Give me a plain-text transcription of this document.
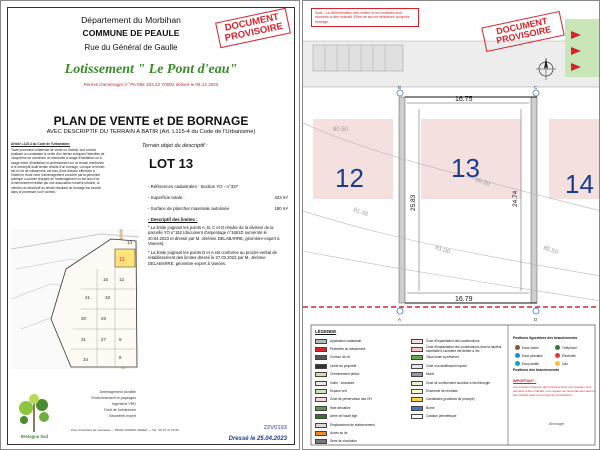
Département du Morbihan
COMMUNE DE PEAULE
Rue du Général de Gaulle
DOCUMENT PROVISOIRE
Lotissement " Le Pont d'eau"
Permis d'aménager n° PA 056 153 22 Y0002 délivré le 06.12.2022
PLAN DE VENTE et DE BORNAGE
AVEC DESCRIPTIF DU TERRAIN A BATIR (Art. L115-4 du Code de l'Urbanisme)

Article L115-4 du Code de l'Urbanisme:

Toute promesse unilatérale de vente ou d'achat, tout contrat réalisant ou constatant la vente d'un terrain indiquant l'intention de l'acquéreur de construire un immeuble à usage d'habitation ou à usage mixte d'habitation et professionnel sur ce terrain mentionne si le descriptif dudit terrain résulte d'un bornage. Lorsque le terrain est un lot de lotissement, est issu d'une division effectuée à l'intérieur d'une zone d'aménagement concerté par la personne publique ou privée chargée de l'aménagement ou est issu d'un remembrement réalisé par une association foncière urbaine, la mention du descriptif du terrain résultant du bornage est inscrite dans la promesse ou le contrat.

Terrain objet du descriptif :
LOT 13
- Références cadastrales : Section YO - n°337
- Superficie totale :	423 m²
- Surface de plancher maximale autorisée	180 m²
- Descriptif des limites :
* La limite joignant les points A, B, C et D résulte de la division de la parcelle YO n°152 (document d'arpentage n°1661D numéroté le 20.04.2023 et dressé par M. Jérémie DELABARRE, géomètre-expert à Vannes).
* La limite joignant les points D et A est conforme au procès-verbal de rétablissement des limites dressé le 27.03.2023 par M. Jérémie DELABARRE, géomètre-expert à Vannes.
14
13
15
18
21
26
30
27
31	9
8
34
12
Bretagne Sud
Aménagement durable
Environnement et paysages
Ingénierie VRD
Droit de l'urbanisme
Géomètre-expert
Zone d'Activités de Laroiseau — 56000 VANNES CEDEX — Tél : 02 97 47 22 80	22V0193
Dressé le 25.04.2023
B	C
A	D
16.75
16.79
25.83	24.74
80.50
81.00
80.50
81.00	80.50
12	13
14
Note : La détermination des limites et les surfaces sont données à titre indicatif. Elles ne seront définitives qu'après bornage.	DOCUMENT PROVISOIRE
LÉGENDE
Application cadastrale
Périmètre du lotissement
Contour de lot
Limite de propriété
Cheminement piéton
Voirie - chaussée
Espace vert
Zone de préservation des OH
Haie arbustive
Arbre de haute tige
Emplacement de stationnement
Accès au lot
Sens de circulation
Zone d'implantation des constructions
Zone d'implantation des constructions dont la hauteur maximale à l'acrotère est limitée à 3m
Talus boisé à préserver
Zone non aedificandi imposé
Muret
Zone de confinement soumise à l'archéologie
Ensemble de remblais
Candélabre (positions de principe)
Borne
Cotation périmétrique
Positions figuratives des branchements
Eaux usées	Téléphone
Eaux pluviales	Électricité
Eau potable	Gaz
Positions des branchements
IMPORTANT :
Les positions figurées des branchements aux réseaux sont données à titre indicatif. Les niveaux de raccordement devront être vérifiés avant tout projet de construction.
Bornage
